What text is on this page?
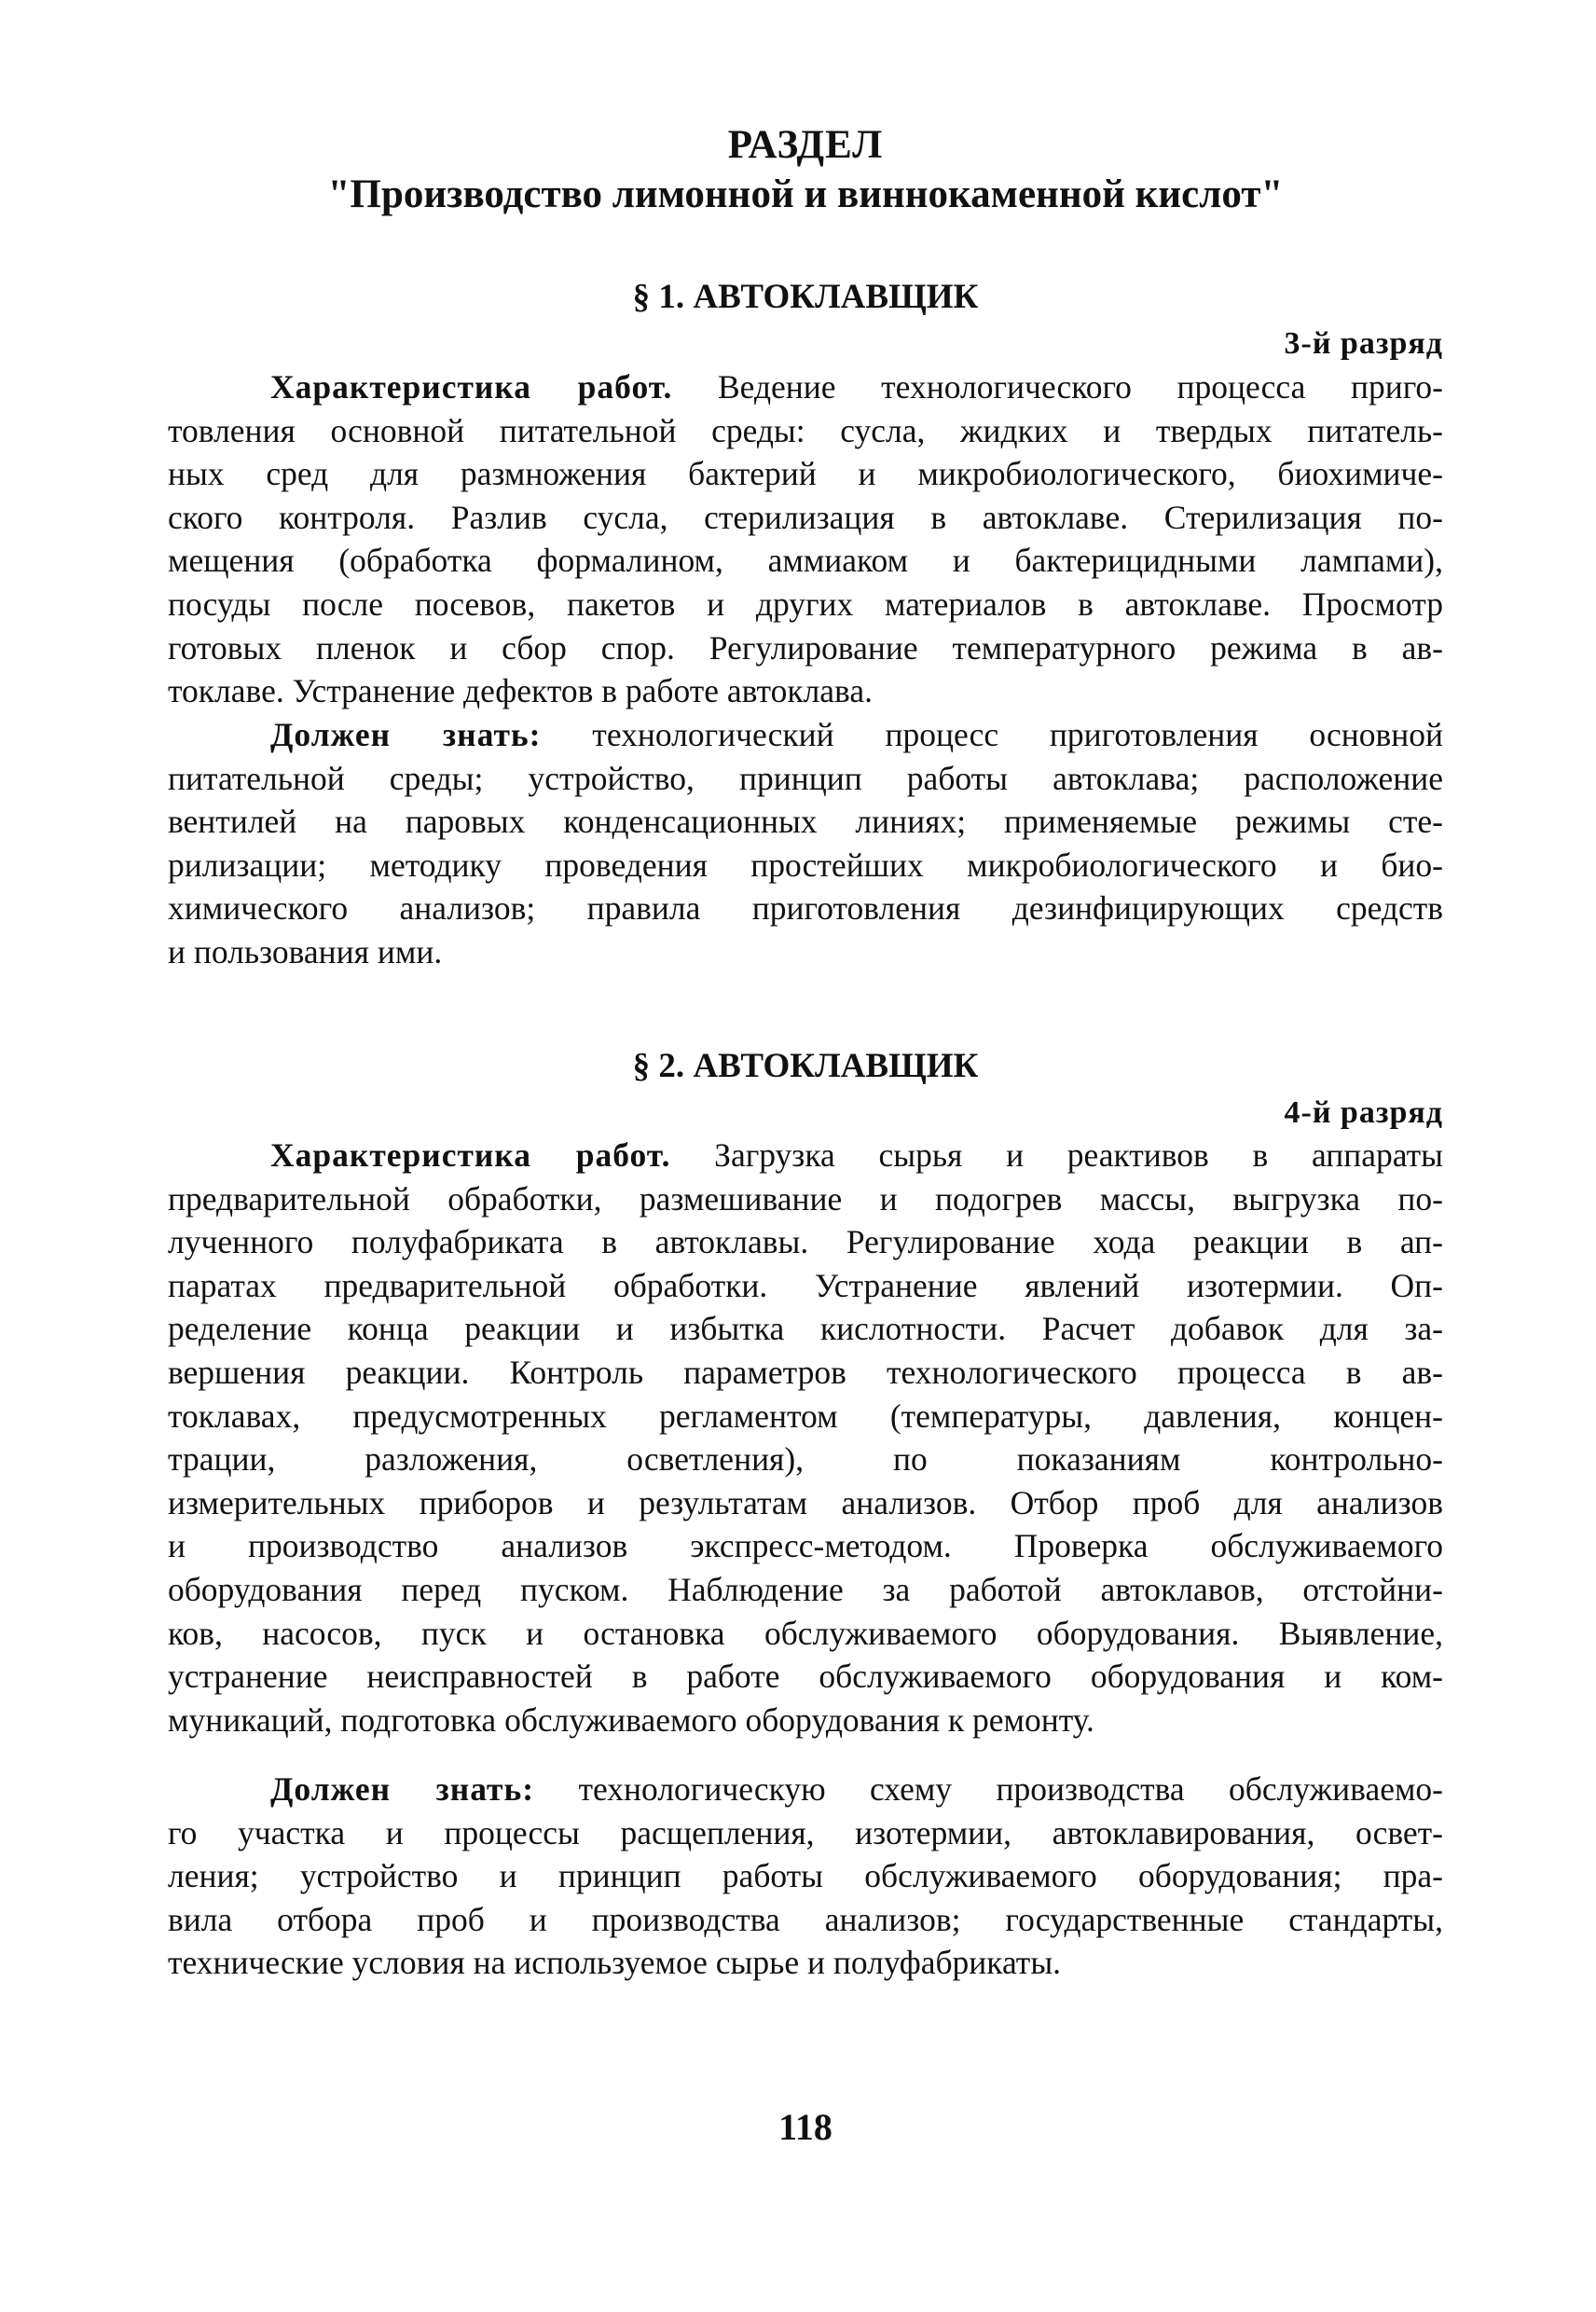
РАЗДЕЛ
"Производство лимонной и виннокаменной кислот"
§ 1. АВТОКЛАВЩИК
3-й разряд
Характеристика работ. Ведение технологического процесса приго-
товления основной питательной среды: сусла, жидких и твердых питатель-
ных сред для размножения бактерий и микробиологического, биохимиче-
ского контроля. Разлив сусла, стерилизация в автоклаве. Стерилизация по-
мещения (обработка формалином, аммиаком и бактерицидными лампами),
посуды после посевов, пакетов и других материалов в автоклаве. Просмотр
готовых пленок и сбор спор. Регулирование температурного режима в ав-
токлаве. Устранение дефектов в работе автоклава.
Должен знать: технологический процесс приготовления основной
питательной среды; устройство, принцип работы автоклава; расположение
вентилей на паровых конденсационных линиях; применяемые режимы сте-
рилизации; методику проведения простейших микробиологического и био-
химического анализов; правила приготовления дезинфицирующих средств
и пользования ими.
§ 2. АВТОКЛАВЩИК
4-й разряд
Характеристика работ. Загрузка сырья и реактивов в аппараты
предварительной обработки, размешивание и подогрев массы, выгрузка по-
лученного полуфабриката в автоклавы. Регулирование хода реакции в ап-
паратах предварительной обработки. Устранение явлений изотермии. Оп-
ределение конца реакции и избытка кислотности. Расчет добавок для за-
вершения реакции. Контроль параметров технологического процесса в ав-
токлавах, предусмотренных регламентом (температуры, давления, концен-
трации, разложения, осветления), по показаниям контрольно-
измерительных приборов и результатам анализов. Отбор проб для анализов
и производство анализов экспресс-методом. Проверка обслуживаемого
оборудования перед пуском. Наблюдение за работой автоклавов, отстойни-
ков, насосов, пуск и остановка обслуживаемого оборудования. Выявление,
устранение неисправностей в работе обслуживаемого оборудования и ком-
муникаций, подготовка обслуживаемого оборудования к ремонту.
Должен знать: технологическую схему производства обслуживаемо-
го участка и процессы расщепления, изотермии, автоклавирования, освет-
ления; устройство и принцип работы обслуживаемого оборудования; пра-
вила отбора проб и производства анализов; государственные стандарты,
технические условия на используемое сырье и полуфабрикаты.
118
